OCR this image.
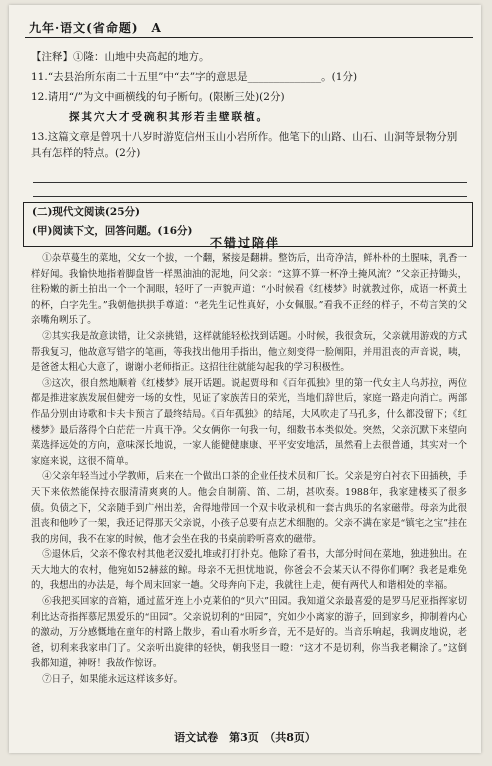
九年·语文(省命题)　A
【注释】①隆：山地中央高起的地方。
11.“去县治所东南二十五里”中“去”字的意思是______________。(1分)
12.请用“/”为文中画横线的句子断句。(限断三处)(2分)
探其穴大才受碗积其形若圭壁联植。
13.这篇文章是曾巩十八岁时游览信州玉山小岩所作。他笔下的山路、山石、山洞等景物分别具有怎样的特点。(2分)
(二)现代文阅读(25分)
(甲)阅读下文，回答问题。(16分)
不错过陪伴

①杂草蔓生的菜地，父女一个拔，一个翻，紧接是翻耕。整饬后，出奇净洁，鲜朴朴的土腥味，乳香一样好闻。我愉快地指着脚盘皆一样黑油油的泥地，问父亲：“这算不算一杯净土掩风流？”父亲正持锄头，往粉嫩的新土拍出一个一个洞眼，轻吁了一声貌声道：“小时候看《红楼梦》时就教过你，成语一杯黄土的杯，白字先生。”我朝他拱拱手尊道：“老先生记性真好，小女佩服。”看我不正经的样子，不苟言笑的父亲嘴角咧乐了。

②其实我是故意读错，让父亲挑错，这样就能轻松找到话题。小时候，我很贪玩，父亲就用游戏的方式帮我复习，他故意写错字的笔画，等我找出他用手指出，他立刻变得一脸阐阳，并用沮丧的声音说，咦，是爸爸太粗心大意了，谢谢小老师指正。这招往往就能勾起我的学习积极性。

③这次，很自然地顺着《红楼梦》展开话题。说起贾母和《百年孤独》里的第一代女主人乌苏拉，两位都是推进家族发展但健旁一场的女性，见证了家族苦日的荣光，当地们辞世后，家庭一路走向消亡。两部作品分别由诗歌和卡夫卡预言了最终结局。《百年孤独》的结尾，大风吹走了马孔多，什么都没留下；《红楼梦》最后落得个白茫茫一片真干净。父女俩你一句我一句，细数书本类似处。突然，父亲沉默下来望向菜选择远处的方向，意味深长地说，一家人能健健康康、平平安安地活，虽然看上去很普通，其实对一个家庭来说，这很不简单。

④父亲年轻当过小学教师，后来在一个做出口茶的企业任技术员和厂长。父亲是穷白衬衣下田插秧，手天下来依然能保持衣服清清爽爽的人。他会自制箭、笛、二胡，甚吹奏。1988年，我家建楼买了很多债。负债之下，父亲随手到广州出差，舍得地带回一个双卡收录机和一套古典乐的名家磁带。母亲为此很沮丧和他吵了一架，我还记得那天父亲说，小孩子总要有点艺术细胞的。父亲不满在家是“镇宅之宝”挂在我的房间，我不在家的时候，他才会坐在我的书桌前聆听喜欢的磁带。

⑤退休后，父亲不像农村其他老汉爱扎堆或打打扑克。他除了看书，大部分时间在菜地，独进独出。在天大地大的农村，他宛如52赫兹的鲸。母亲不无担忧地说，你爸会不会某天认不得你们啊？我老是难免的，我想出的办法是，每个周末回家一趟。父母奔向下走，我就往上走，便有两代人和谐相处的幸福。

⑥我把买回家的音箱，通过蓝牙连上小克莱伯的“贝六”田园。我知道父亲最喜爱的是罗马尼亚指挥家切利比达奇指挥慕尼黑爱乐的“田园”。父亲说切利的“田园”，究如少小离家的游子，回到家乡，抑制着内心的激动，万分感慨地在童年的村路上散步，看山看水听乡音，无不是好的。当音乐响起，我调皮地说，老爸，切利来我家串门了。父亲听出旋律的轻快，朝我竖目一瞪：“这才不是切利，你当我老糊涂了。”这倒我都知道，神呀！我故作惊讶。

⑦日子，如果能永远这样该多好。

语文试卷　第3页　（共8页）
